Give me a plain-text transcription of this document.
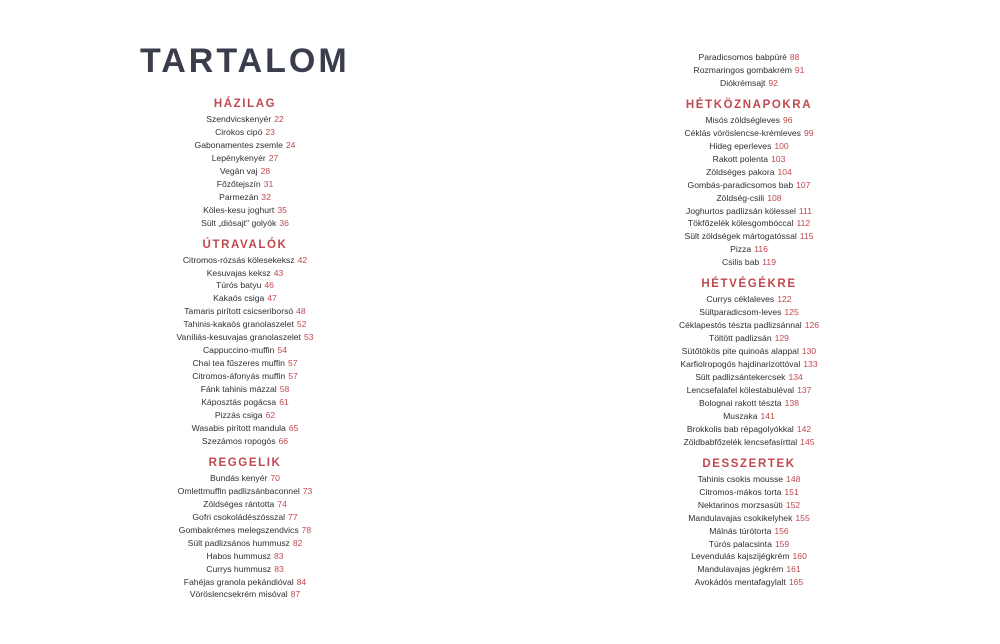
TARTALOM
HÁZILAG
Szendvicskenyér 22
Cirokos cipó 23
Gabonamentes zsemle 24
Lepénykenyér 27
Vegán vaj 28
Főzőtejszín 31
Parmezán 32
Köles-kesu joghurt 35
Sült „diósajt" golyók 36
ÚTRAVALÓK
Citromos-rózsás kölesekeksz 42
Kesuvajas keksz 43
Túrós batyu 46
Kakaós csiga 47
Tamaris pirított csicseriborsó 48
Tahinis-kakaós granolaszelet 52
Vaníliás-kesuvajas granolaszelet 53
Cappuccino-muffin 54
Chai tea fűszeres muffin 57
Citromos-áfonyás muffin 57
Fánk tahinis mázzal 58
Káposztás pogácsa 61
Pizzás csiga 62
Wasabis pirított mandula 65
Szezámos ropogós 66
REGGELIK
Bundás kenyér 70
Omlettmuffin padlizsánbaconnel 73
Zöldséges rántotta 74
Gofri csokoládészósszal 77
Gombakrémes melegszendvics 78
Sült padlizsános hummusz 82
Habos hummusz 83
Currys hummusz 83
Fahéjas granola pekándióval 84
Vöröslencsekrém misóval 87
Paradicsomos babpüré 88
Rozmaringos gombakrém 91
Diókrémsajt 92
HÉTKÖZNAPOKRA
Misós zöldségleves 96
Céklás vöröslencse-krémleves 99
Hideg eperleves 100
Rakott polenta 103
Zöldséges pakora 104
Gombás-paradicsomos bab 107
Zöldség-csili 108
Joghurtos padlizsán kölessel 111
Tökfőzelék kölesgombóccal 112
Sült zöldségek mártogatóssal 115
Pizza 116
Csilis bab 119
HÉTVÉGÉKRE
Currys céklaleves 122
Sültparadicsom-leves 125
Céklapestós tészta padlizsánnal 126
Töltött padlizsán 129
Sütőtökös pite quinoás alappal 130
Karfiolropogós hajdinarizottóval 133
Sült padlizsántekercsek 134
Lencsefalafel kölestabuléval 137
Bolognai rakott tészta 138
Muszaka 141
Brokkolis bab répagolyókkal 142
Zöldbabfőzelék lencsefasírttal 145
DESSZERTEK
Tahinis csokis mousse 148
Citromos-mákos torta 151
Nektarinos morzsasüti 152
Mandulavajas csokikelyhek 155
Málnás túrótorta 156
Túrós palacsinta 159
Levendulás kajszijégkrém 160
Mandulavajas jégkrém 161
Avokádós mentafagylalt 165
